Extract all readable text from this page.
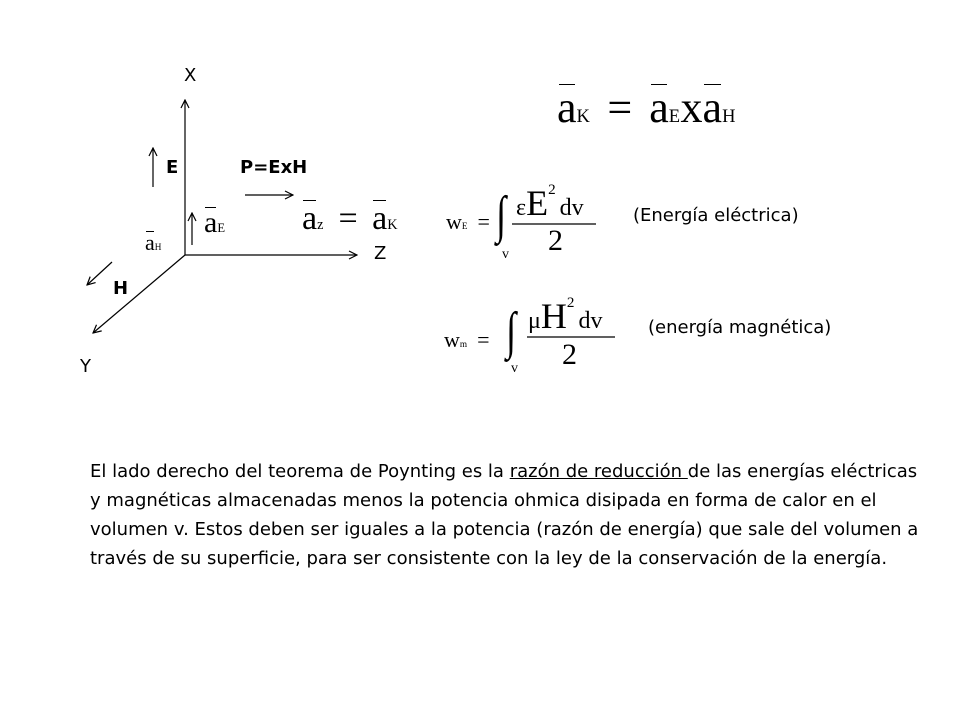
X
Z
Y
E	P=ExH
H
aE
aH
az = aK
aK = aExaH
wE = ∫
v
$\varepsilon E^2dv$
2
(Energía eléctrica)
wm = ∫
v
$\mu H^2dv$
2
(energía magnética)
El lado derecho del teorema de Poynting es la razón de reducción de las energías eléctricas y magnéticas almacenadas menos la potencia ohmica disipada en forma de calor en el volumen v. Estos deben ser iguales a la potencia (razón de energía) que sale del volumen a través de su superficie, para ser consistente con la ley de la conservación de la energía.
